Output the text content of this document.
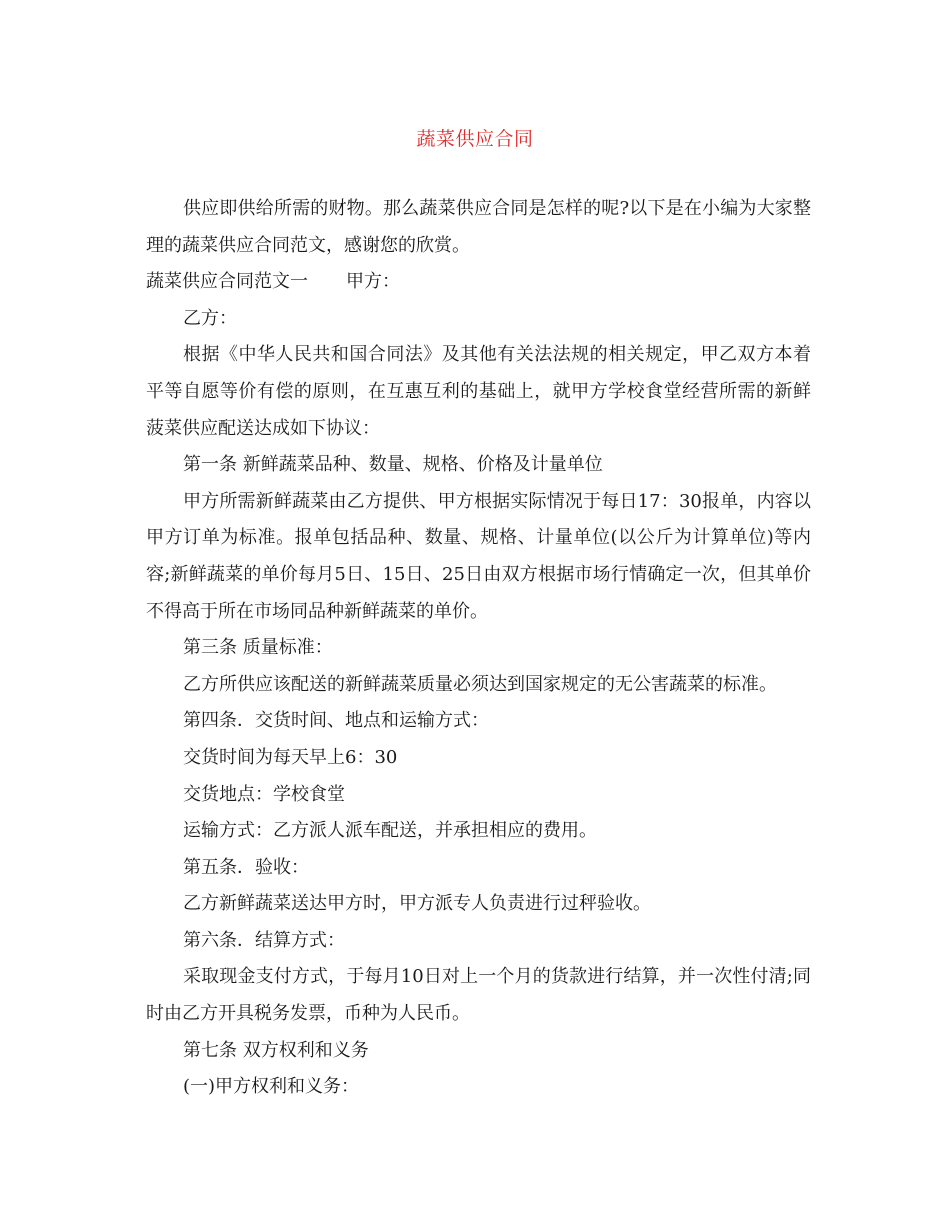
蔬菜供应合同

供应即供给所需的财物。那么蔬菜供应合同是怎样的呢?以下是在小编为大家整理的蔬菜供应合同范文，感谢您的欣赏。

蔬菜供应合同范文一 甲方：

乙方：

根据《中华人民共和国合同法》及其他有关法法规的相关规定，甲乙双方本着平等自愿等价有偿的原则，在互惠互利的基础上，就甲方学校食堂经营所需的新鲜菠菜供应配送达成如下协议：

第一条 新鲜蔬菜品种、数量、规格、价格及计量单位

甲方所需新鲜蔬菜由乙方提供、甲方根据实际情况于每日17：30报单，内容以甲方订单为标准。报单包括品种、数量、规格、计量单位(以公斤为计算单位)等内容;新鲜蔬菜的单价每月5日、15日、25日由双方根据市场行情确定一次，但其单价不得高于所在市场同品种新鲜蔬菜的单价。

第三条 质量标准：

乙方所供应该配送的新鲜蔬菜质量必须达到国家规定的无公害蔬菜的标准。

第四条．交货时间、地点和运输方式：

交货时间为每天早上6：30

交货地点：学校食堂

运输方式：乙方派人派车配送，并承担相应的费用。

第五条．验收：

乙方新鲜蔬菜送达甲方时，甲方派专人负责进行过秤验收。

第六条．结算方式：

采取现金支付方式，于每月10日对上一个月的货款进行结算，并一次性付清;同时由乙方开具税务发票，币种为人民币。

第七条 双方权利和义务

(一)甲方权利和义务：
